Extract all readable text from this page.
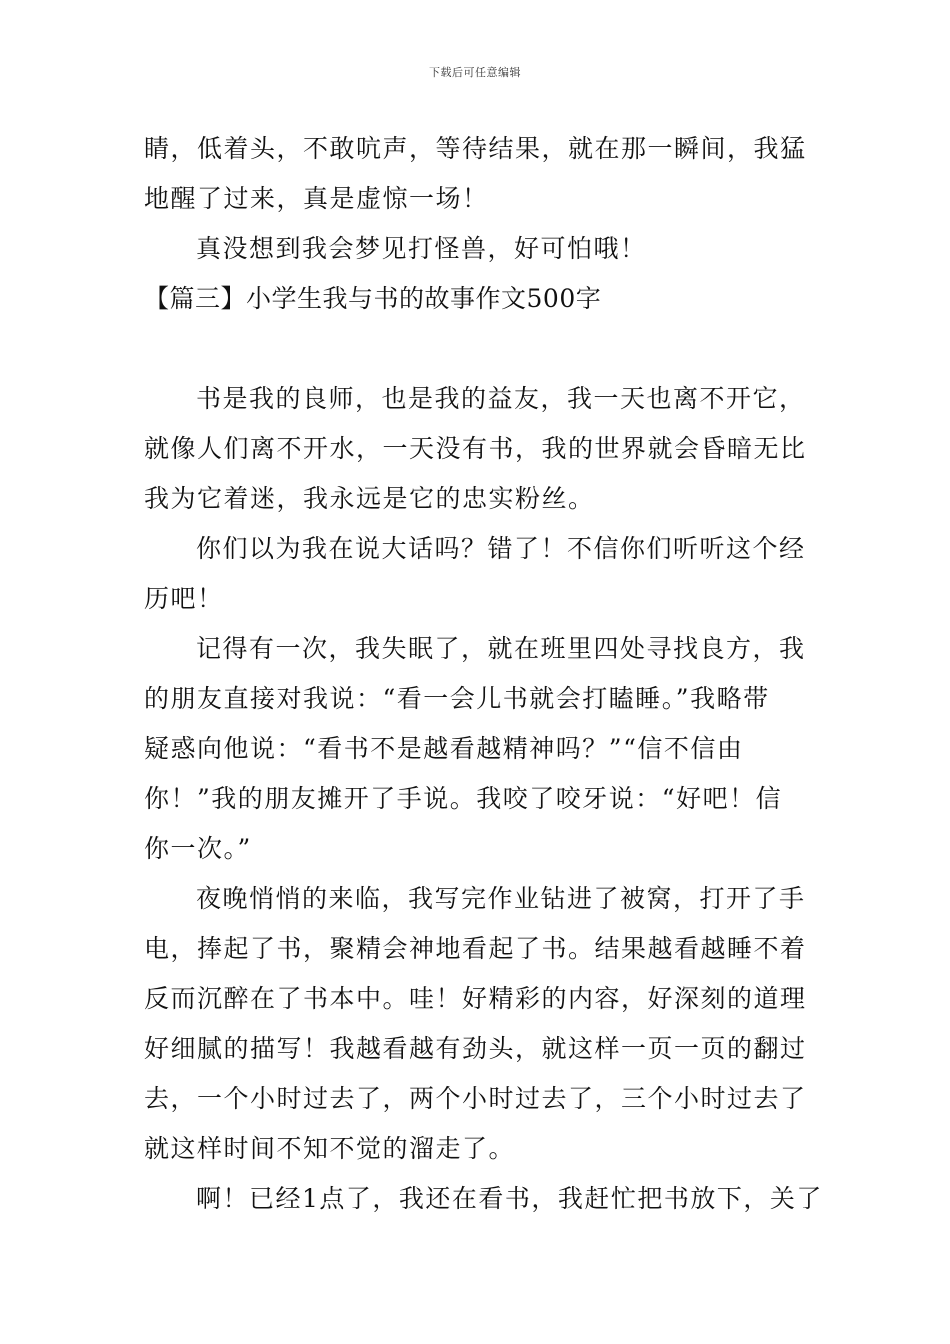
下载后可任意编辑
睛，低着头，不敢吭声，等待结果，就在那一瞬间，我猛
地醒了过来，真是虚惊一场！
真没想到我会梦见打怪兽，好可怕哦！
【篇三】小学生我与书的故事作文500字
书是我的良师，也是我的益友，我一天也离不开它，
就像人们离不开水，一天没有书，我的世界就会昏暗无比
我为它着迷，我永远是它的忠实粉丝。
你们以为我在说大话吗？错了！不信你们听听这个经
历吧！
记得有一次，我失眠了，就在班里四处寻找良方，我
的朋友直接对我说：“看一会儿书就会打瞌睡。”我略带
疑惑向他说：“看书不是越看越精神吗？”“信不信由
你！”我的朋友摊开了手说。我咬了咬牙说：“好吧！信
你一次。”
夜晚悄悄的来临，我写完作业钻进了被窝，打开了手
电，捧起了书，聚精会神地看起了书。结果越看越睡不着
反而沉醉在了书本中。哇！好精彩的内容，好深刻的道理
好细腻的描写！我越看越有劲头，就这样一页一页的翻过
去，一个小时过去了，两个小时过去了，三个小时过去了
就这样时间不知不觉的溜走了。
啊！已经1点了，我还在看书，我赶忙把书放下，关了
